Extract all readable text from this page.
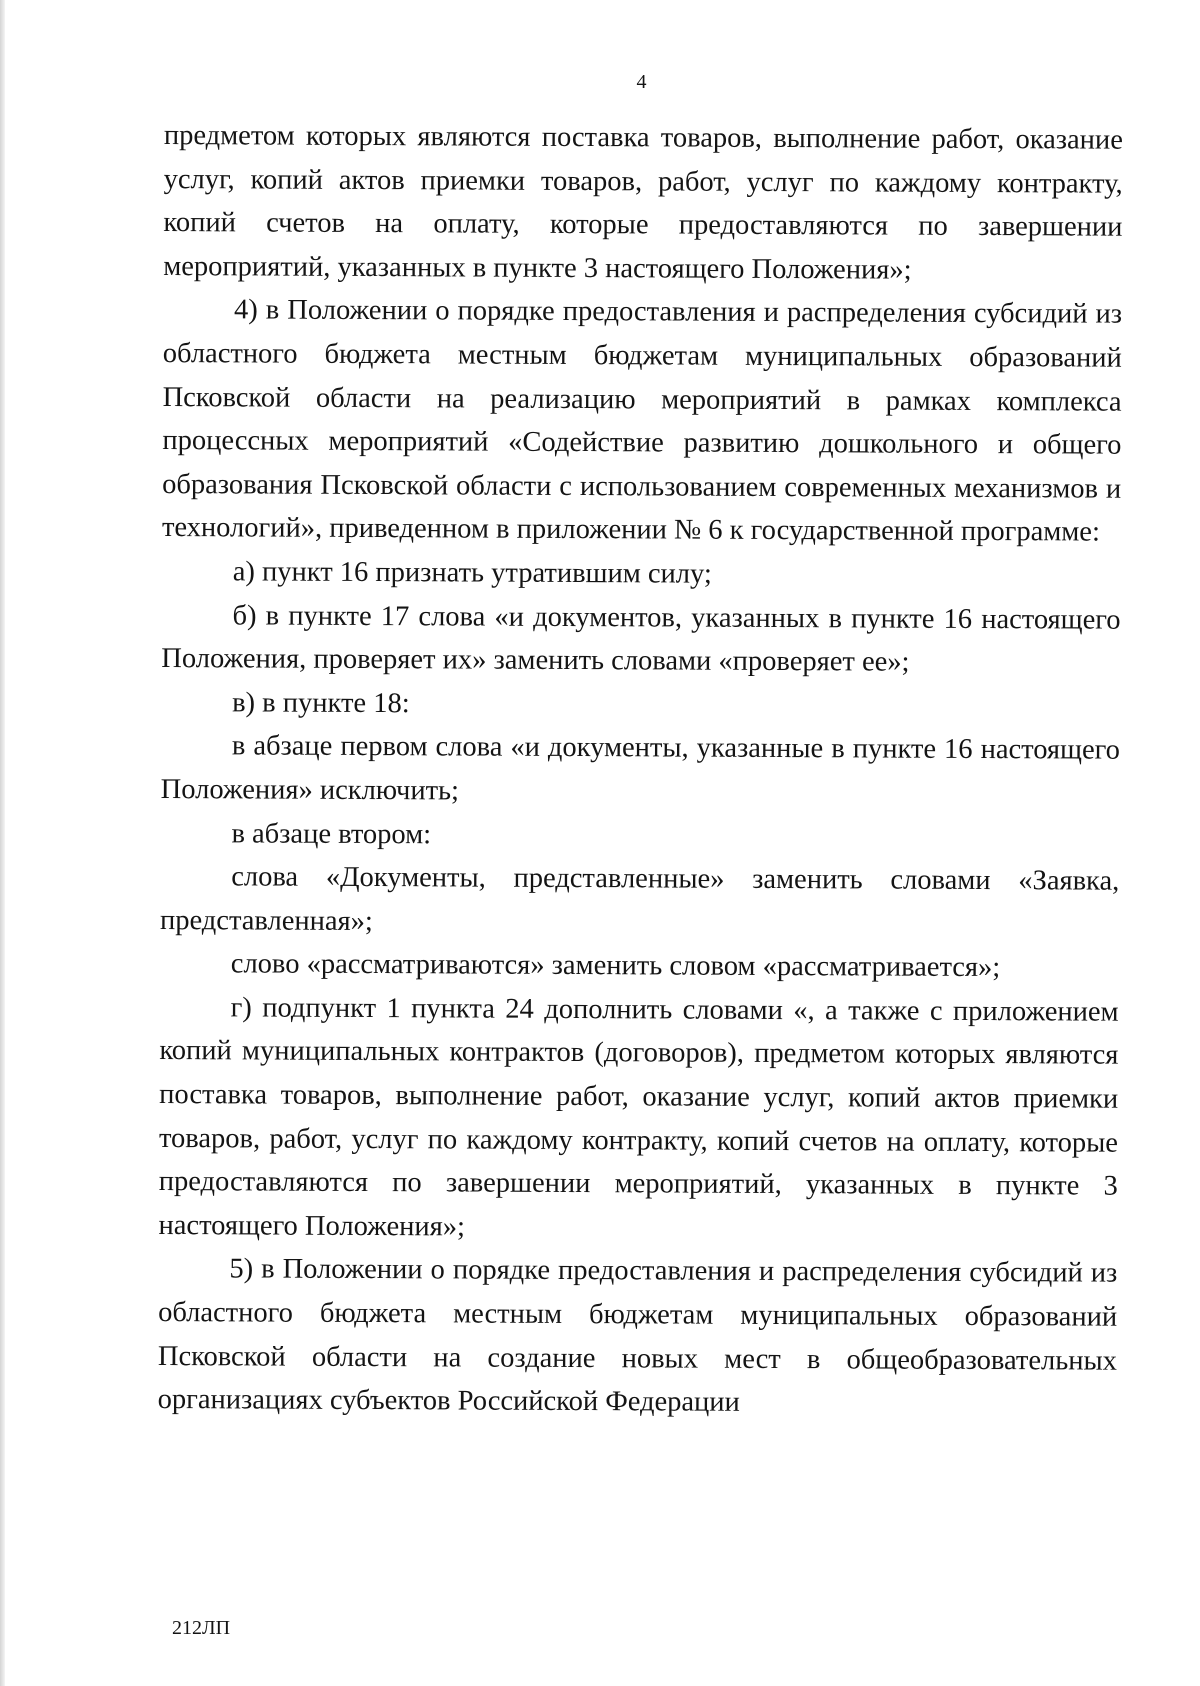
4

предметом которых являются поставка товаров, выполнение работ, оказание услуг, копий актов приемки товаров, работ, услуг по каждому контракту, копий счетов на оплату, которые предоставляются по завершении мероприятий, указанных в пункте 3 настоящего Положения»;

4) в Положении о порядке предоставления и распределения субсидий из областного бюджета местным бюджетам муниципальных образований Псковской области на реализацию мероприятий в рамках комплекса процессных мероприятий «Содействие развитию дошкольного и общего образования Псковской области с использованием современных механизмов и технологий», приведенном в приложении № 6 к государственной программе:

а) пункт 16 признать утратившим силу;

б) в пункте 17 слова «и документов, указанных в пункте 16 настоящего Положения, проверяет их» заменить словами «проверяет ее»;

в) в пункте 18:

в абзаце первом слова «и документы, указанные в пункте 16 настоящего Положения» исключить;

в абзаце втором:

слова «Документы, представленные» заменить словами «Заявка, представленная»;

слово «рассматриваются» заменить словом «рассматривается»;

г) подпункт 1 пункта 24 дополнить словами «, а также с приложением копий муниципальных контрактов (договоров), предметом которых являются поставка товаров, выполнение работ, оказание услуг, копий актов приемки товаров, работ, услуг по каждому контракту, копий счетов на оплату, которые предоставляются по завершении мероприятий, указанных в пункте 3 настоящего Положения»;

5) в Положении о порядке предоставления и распределения субсидий из областного бюджета местным бюджетам муниципальных образований Псковской области на создание новых мест в общеобразовательных организациях субъектов Российской Федерации

212ЛП
